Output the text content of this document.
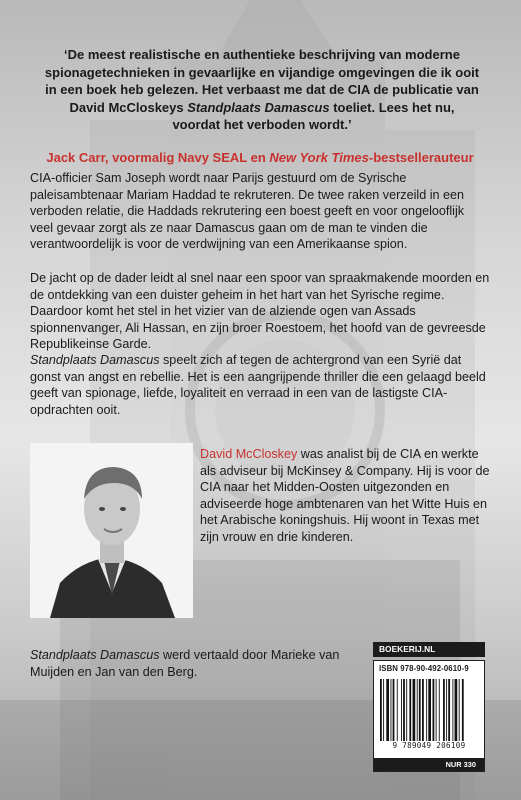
‘De meest realistische en authentieke beschrijving van moderne spionagetechnieken in gevaarlijke en vijandige omgevingen die ik ooit in een boek heb gelezen. Het verbaast me dat de CIA de publicatie van David McCloskeys Standplaats Damascus toeliet. Lees het nu, voordat het verboden wordt.’
Jack Carr, voormalig Navy SEAL en New York Times-bestsellerauteur

CIA-officier Sam Joseph wordt naar Parijs gestuurd om de Syrische paleisambtenaar Mariam Haddad te rekruteren. De twee raken verzeild in een verboden relatie, die Haddads rekrutering een boest geeft en voor ongelooflijk veel gevaar zorgt als ze naar Damascus gaan om de man te vinden die verantwoordelijk is voor de verdwijning van een Amerikaanse spion.

De jacht op de dader leidt al snel naar een spoor van spraakmakende moorden en de ontdekking van een duister geheim in het hart van het Syrische regime. Daardoor komt het stel in het vizier van de alziende ogen van Assads spionnenvanger, Ali Hassan, en zijn broer Roestoem, het hoofd van de gevreesde Republikeinse Garde.

Standplaats Damascus speelt zich af tegen de achtergrond van een Syrië dat gonst van angst en rebellie. Het is een aangrijpende thriller die een gelaagd beeld geeft van spionage, liefde, loyaliteit en verraad in een van de lastigste CIA-opdrachten ooit.

David McCloskey was analist bij de CIA en werkte als adviseur bij McKinsey & Company. Hij is voor de CIA naar het Midden-Oosten uitgezonden en adviseerde hoge ambtenaren van het Witte Huis en het Arabische koningshuis. Hij woont in Texas met zijn vrouw en drie kinderen.

Standplaats Damascus werd vertaald door Marieke van Muijden en Jan van den Berg.

BOEKERIJ.NL
ISBN 978-90-492-0610-9
9 789049 206109
NUR 330
